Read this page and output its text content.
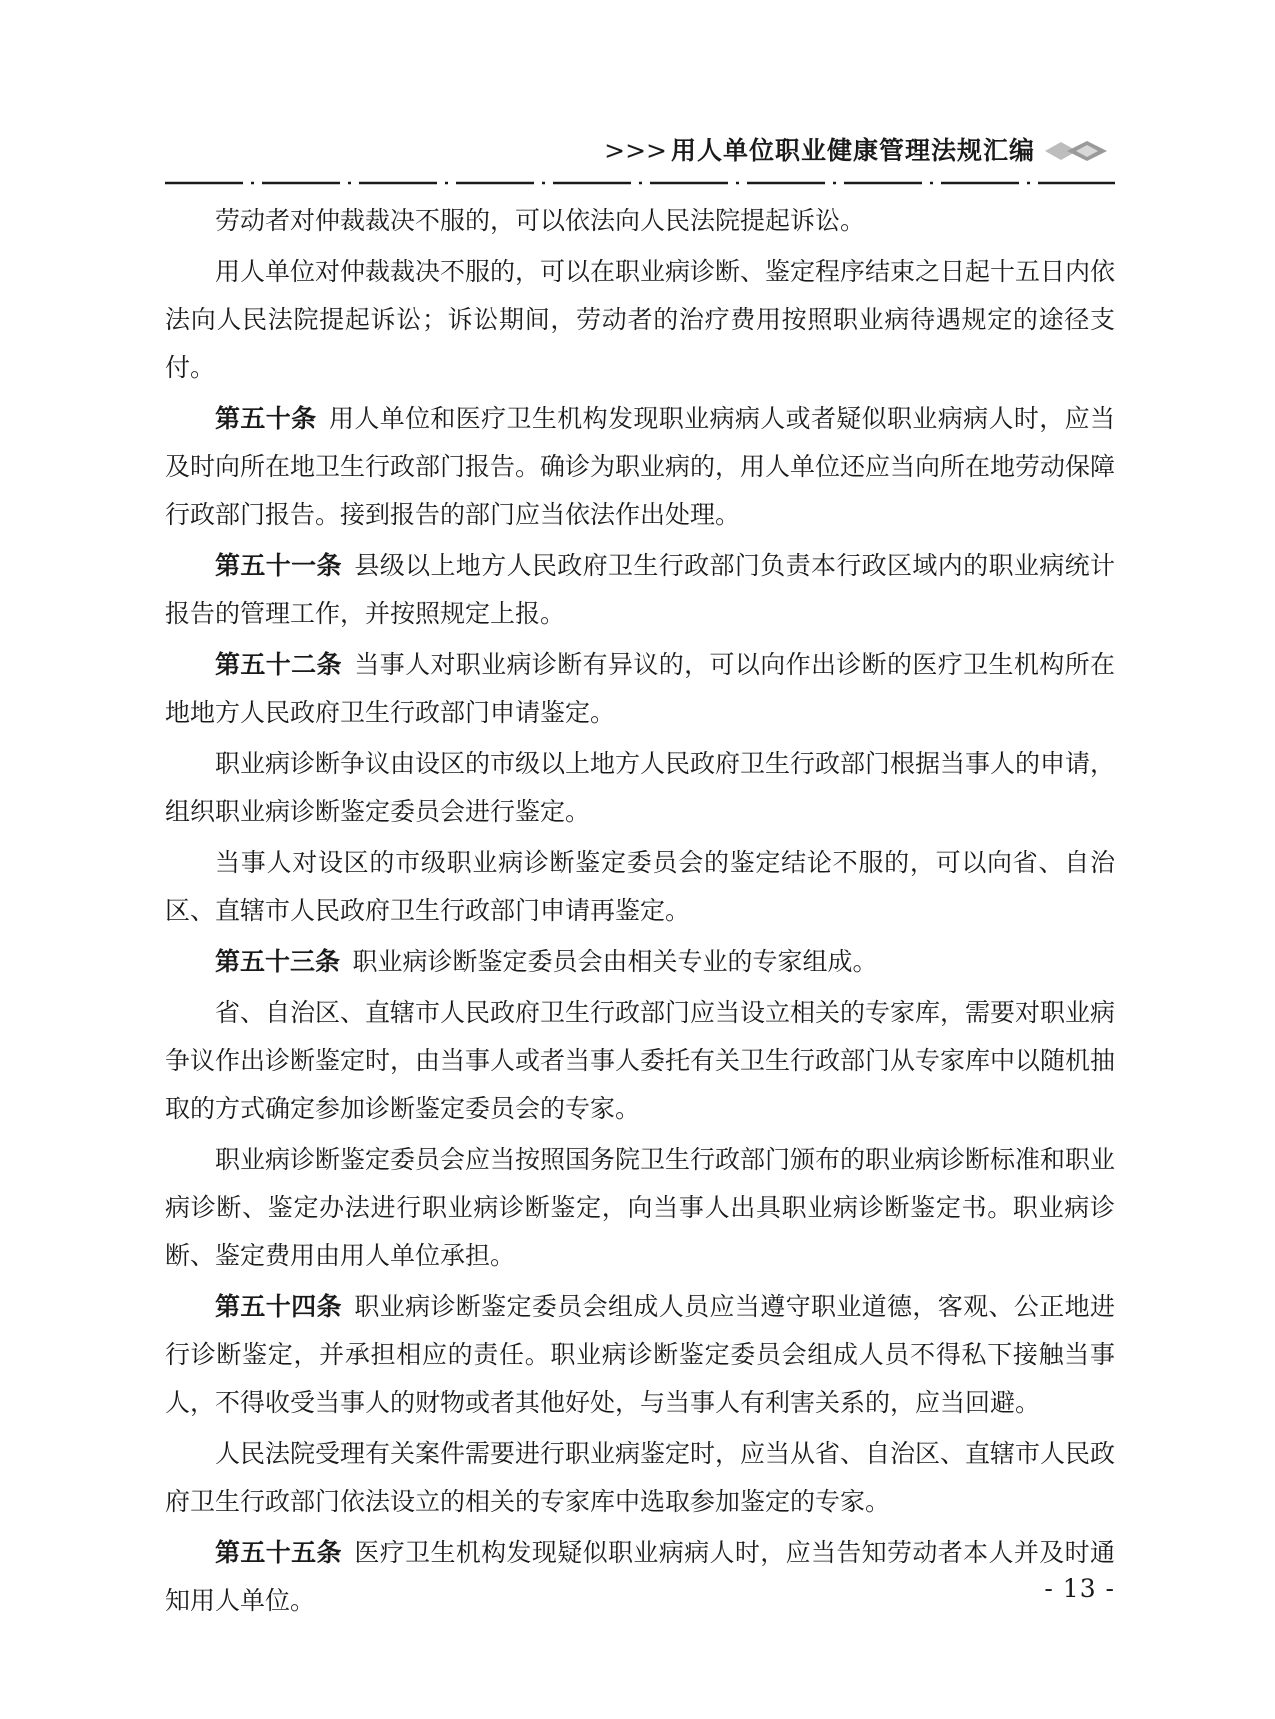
>>> 用人单位职业健康管理法规汇编

劳动者对仲裁裁决不服的，可以依法向人民法院提起诉讼。

用人单位对仲裁裁决不服的，可以在职业病诊断、鉴定程序结束之日起十五日内依法向人民法院提起诉讼；诉讼期间，劳动者的治疗费用按照职业病待遇规定的途径支付。

第五十条 用人单位和医疗卫生机构发现职业病病人或者疑似职业病病人时，应当及时向所在地卫生行政部门报告。确诊为职业病的，用人单位还应当向所在地劳动保障行政部门报告。接到报告的部门应当依法作出处理。

第五十一条 县级以上地方人民政府卫生行政部门负责本行政区域内的职业病统计报告的管理工作，并按照规定上报。

第五十二条 当事人对职业病诊断有异议的，可以向作出诊断的医疗卫生机构所在地地方人民政府卫生行政部门申请鉴定。

职业病诊断争议由设区的市级以上地方人民政府卫生行政部门根据当事人的申请，组织职业病诊断鉴定委员会进行鉴定。

当事人对设区的市级职业病诊断鉴定委员会的鉴定结论不服的，可以向省、自治区、直辖市人民政府卫生行政部门申请再鉴定。

第五十三条 职业病诊断鉴定委员会由相关专业的专家组成。

省、自治区、直辖市人民政府卫生行政部门应当设立相关的专家库，需要对职业病争议作出诊断鉴定时，由当事人或者当事人委托有关卫生行政部门从专家库中以随机抽取的方式确定参加诊断鉴定委员会的专家。

职业病诊断鉴定委员会应当按照国务院卫生行政部门颁布的职业病诊断标准和职业病诊断、鉴定办法进行职业病诊断鉴定，向当事人出具职业病诊断鉴定书。职业病诊断、鉴定费用由用人单位承担。

第五十四条 职业病诊断鉴定委员会组成人员应当遵守职业道德，客观、公正地进行诊断鉴定，并承担相应的责任。职业病诊断鉴定委员会组成人员不得私下接触当事人，不得收受当事人的财物或者其他好处，与当事人有利害关系的，应当回避。

人民法院受理有关案件需要进行职业病鉴定时，应当从省、自治区、直辖市人民政府卫生行政部门依法设立的相关的专家库中选取参加鉴定的专家。

第五十五条 医疗卫生机构发现疑似职业病病人时，应当告知劳动者本人并及时通知用人单位。	- 13 -
